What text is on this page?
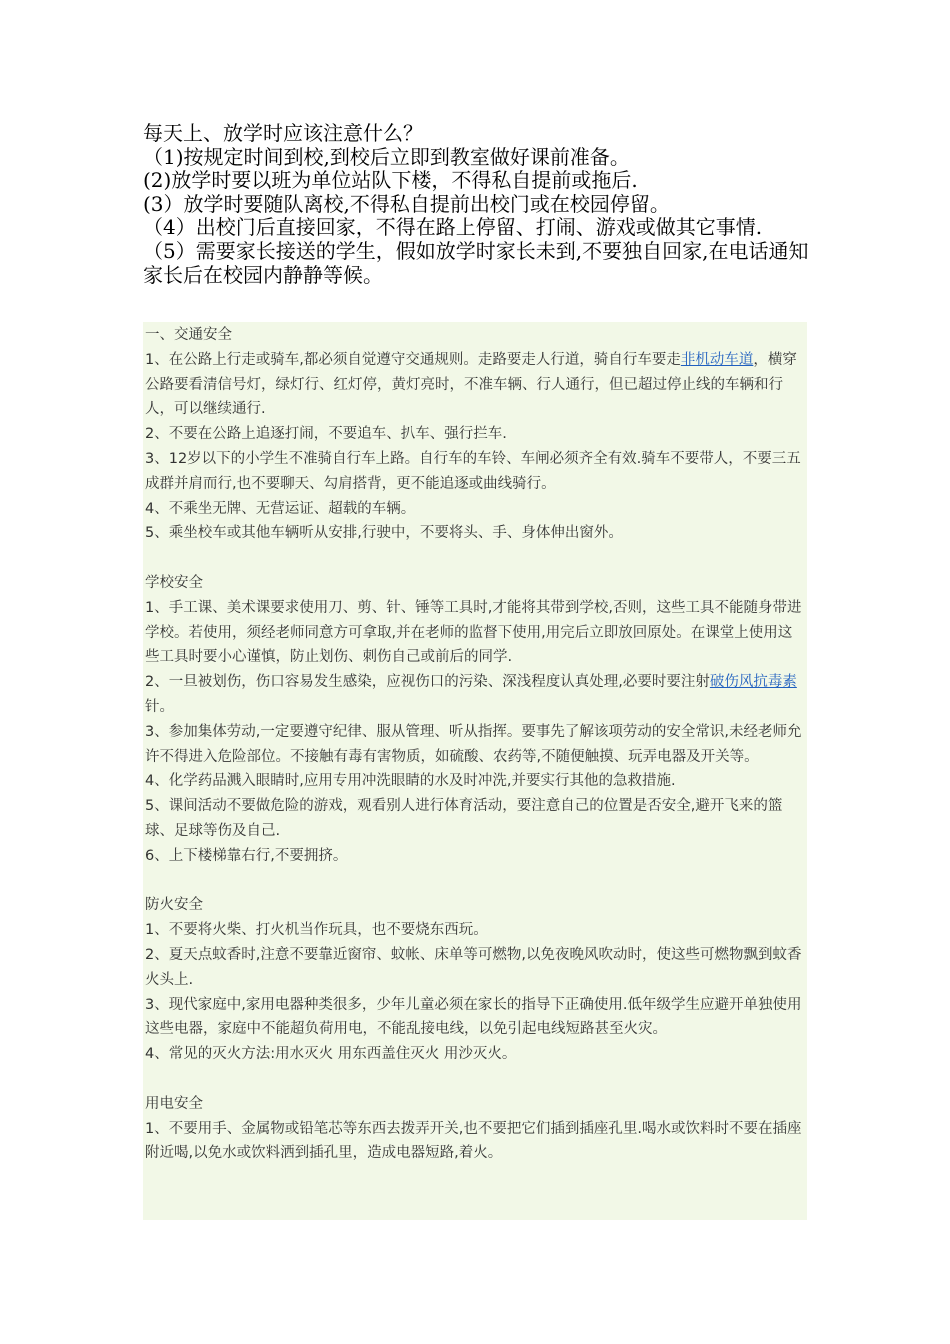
每天上、放学时应该注意什么？
（1)按规定时间到校,到校后立即到教室做好课前准备。
(2)放学时要以班为单位站队下楼，不得私自提前或拖后.
(3）放学时要随队离校,不得私自提前出校门或在校园停留。
（4）出校门后直接回家，不得在路上停留、打闹、游戏或做其它事情.
（5）需要家长接送的学生，假如放学时家长未到,不要独自回家,在电话通知家长后在校园内静静等候。

一、交通安全

1、在公路上行走或骑车,都必须自觉遵守交通规则。走路要走人行道，骑自行车要走非机动车道，横穿公路要看清信号灯，绿灯行、红灯停，黄灯亮时，不准车辆、行人通行，但已超过停止线的车辆和行人，可以继续通行.

2、不要在公路上追逐打闹，不要追车、扒车、强行拦车.

3、12岁以下的小学生不准骑自行车上路。自行车的车铃、车闸必须齐全有效.骑车不要带人，不要三五成群并肩而行,也不要聊天、勾肩搭背，更不能追逐或曲线骑行。

4、不乘坐无牌、无营运证、超载的车辆。

5、乘坐校车或其他车辆听从安排,行驶中，不要将头、手、身体伸出窗外。

学校安全

1、手工课、美术课要求使用刀、剪、针、锤等工具时,才能将其带到学校,否则，这些工具不能随身带进学校。若使用，须经老师同意方可拿取,并在老师的监督下使用,用完后立即放回原处。在课堂上使用这些工具时要小心谨慎，防止划伤、刺伤自己或前后的同学.

2、一旦被划伤，伤口容易发生感染，应视伤口的污染、深浅程度认真处理,必要时要注射破伤风抗毒素针。

3、参加集体劳动,一定要遵守纪律、服从管理、听从指挥。要事先了解该项劳动的安全常识,未经老师允许不得进入危险部位。不接触有毒有害物质，如硫酸、农药等,不随便触摸、玩弄电器及开关等。

4、化学药品溅入眼睛时,应用专用冲洗眼睛的水及时冲洗,并要实行其他的急救措施.

5、课间活动不要做危险的游戏，观看别人进行体育活动，要注意自己的位置是否安全,避开飞来的篮球、足球等伤及自己.

6、上下楼梯靠右行,不要拥挤。

防火安全

1、不要将火柴、打火机当作玩具，也不要烧东西玩。

2、夏天点蚊香时,注意不要靠近窗帘、蚊帐、床单等可燃物,以免夜晚风吹动时，使这些可燃物飘到蚊香火头上.

3、现代家庭中,家用电器种类很多，少年儿童必须在家长的指导下正确使用.低年级学生应避开单独使用这些电器，家庭中不能超负荷用电，不能乱接电线，以免引起电线短路甚至火灾。

4、常见的灭火方法:用水灭火 用东西盖住灭火 用沙灭火。

用电安全

1、不要用手、金属物或铅笔芯等东西去拨弄开关,也不要把它们插到插座孔里.喝水或饮料时不要在插座附近喝,以免水或饮料洒到插孔里，造成电器短路,着火。
